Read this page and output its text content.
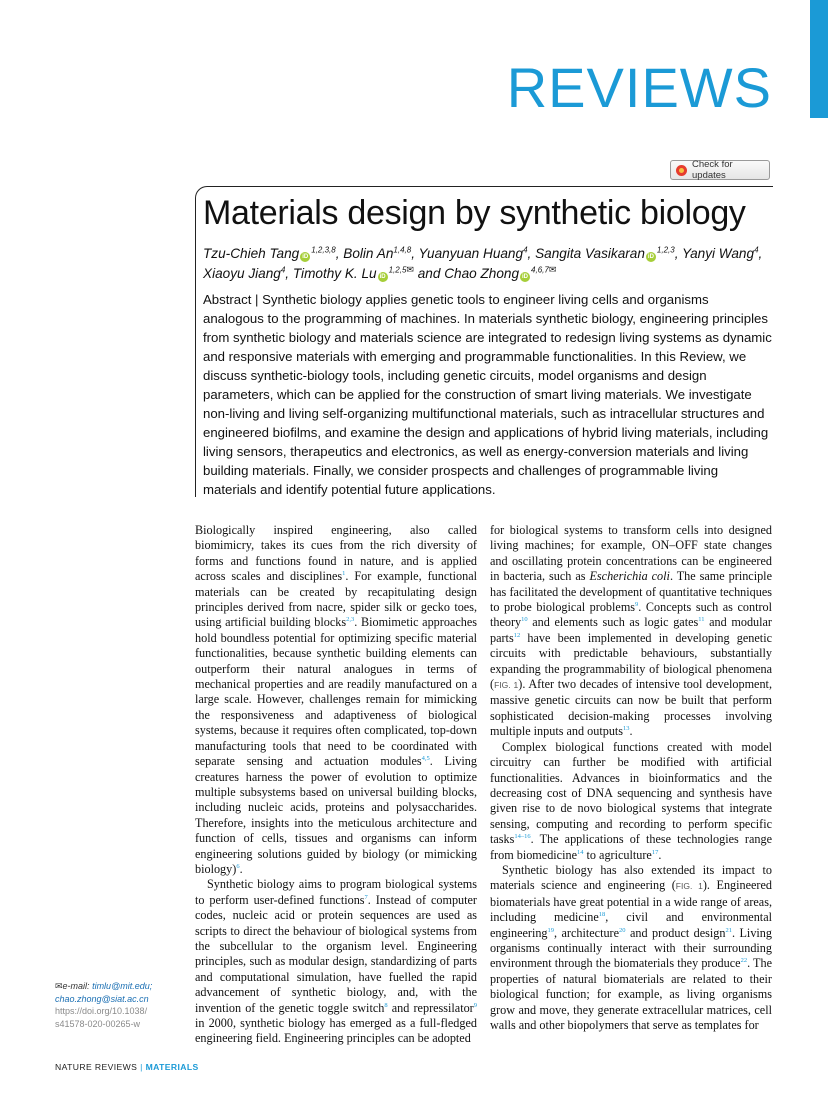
REVIEWS
Check for updates
Materials design by synthetic biology
Tzu-Chieh Tang iD$^{1,2,3,8}$, Bolin An$^{1,4,8}$, Yuanyuan Huang$^4$, Sangita Vasikaran iD$^{1,2,3}$, Yanyi Wang$^4$, Xiaoyu Jiang$^4$, Timothy K. Lu iD$^{1,2,5✉}$ and Chao Zhong iD$^{4,6,7✉}$
Abstract | Synthetic biology applies genetic tools to engineer living cells and organisms analogous to the programming of machines. In materials synthetic biology, engineering principles from synthetic biology and materials science are integrated to redesign living systems as dynamic and responsive materials with emerging and programmable functionalities. In this Review, we discuss synthetic-biology tools, including genetic circuits, model organisms and design parameters, which can be applied for the construction of smart living materials. We investigate non-living and living self-organizing multifunctional materials, such as intracellular structures and engineered biofilms, and examine the design and applications of hybrid living materials, including living sensors, therapeutics and electronics, as well as energy-conversion materials and living building materials. Finally, we consider prospects and challenges of programmable living materials and identify potential future applications.

Biologically inspired engineering, also called biomimicry, takes its cues from the rich diversity of forms and functions found in nature, and is applied across scales and disciplines$^1$. For example, functional materials can be created by recapitulating design principles derived from nacre, spider silk or gecko toes, using artificial building blocks$^{2,3}$. Biomimetic approaches hold boundless potential for optimizing specific material functionalities, because synthetic building elements can outperform their natural analogues in terms of mechanical properties and are readily manufactured on a large scale. However, challenges remain for mimicking the responsiveness and adaptiveness of biological systems, because it requires often complicated, top-down manufacturing tools that need to be coordinated with separate sensing and actuation modules$^{4,5}$. Living creatures harness the power of evolution to optimize multiple subsystems based on universal building blocks, including nucleic acids, proteins and polysaccharides. Therefore, insights into the meticulous architecture and function of cells, tissues and organisms can inform engineering solutions guided by biology (or mimicking biology)$^6$.

Synthetic biology aims to program biological systems to perform user-defined functions$^7$. Instead of computer codes, nucleic acid or protein sequences are used as scripts to direct the behaviour of biological systems from the subcellular to the organism level. Engineering principles, such as modular design, standardizing of parts and computational simulation, have fuelled the rapid advancement of synthetic biology, and, with the invention of the genetic toggle switch$^8$ and repressilator$^9$ in 2000, synthetic biology has emerged as a full-fledged engineering field. Engineering principles can be adopted

for biological systems to transform cells into designed living machines; for example, ON–OFF state changes and oscillating protein concentrations can be engineered in bacteria, such as Escherichia coli. The same principle has facilitated the development of quantitative techniques to probe biological problems$^9$. Concepts such as control theory$^{10}$ and elements such as logic gates$^{11}$ and modular parts$^{12}$ have been implemented in developing genetic circuits with predictable behaviours, substantially expanding the programmability of biological phenomena (FIG. 1). After two decades of intensive tool development, massive genetic circuits can now be built that perform sophisticated decision-making processes involving multiple inputs and outputs$^{13}$.

Complex biological functions created with model circuitry can further be modified with artificial functionalities. Advances in bioinformatics and the decreasing cost of DNA sequencing and synthesis have given rise to de novo biological systems that integrate sensing, computing and recording to perform specific tasks$^{14-16}$. The applications of these technologies range from biomedicine$^{14}$ to agriculture$^{17}$.

Synthetic biology has also extended its impact to materials science and engineering (FIG. 1). Engineered biomaterials have great potential in a wide range of areas, including medicine$^{18}$, civil and environmental engineering$^{19}$, architecture$^{20}$ and product design$^{21}$. Living organisms continually interact with their surrounding environment through the biomaterials they produce$^{22}$. The properties of natural biomaterials are related to their biological function; for example, as living organisms grow and move, they generate extracellular matrices, cell walls and other biopolymers that serve as templates for

✉e-mail: timlu@mit.edu;
chao.zhong@siat.ac.cn
https://doi.org/10.1038/
s41578-020-00265-w
NATURE REVIEWS | MATERIALS
